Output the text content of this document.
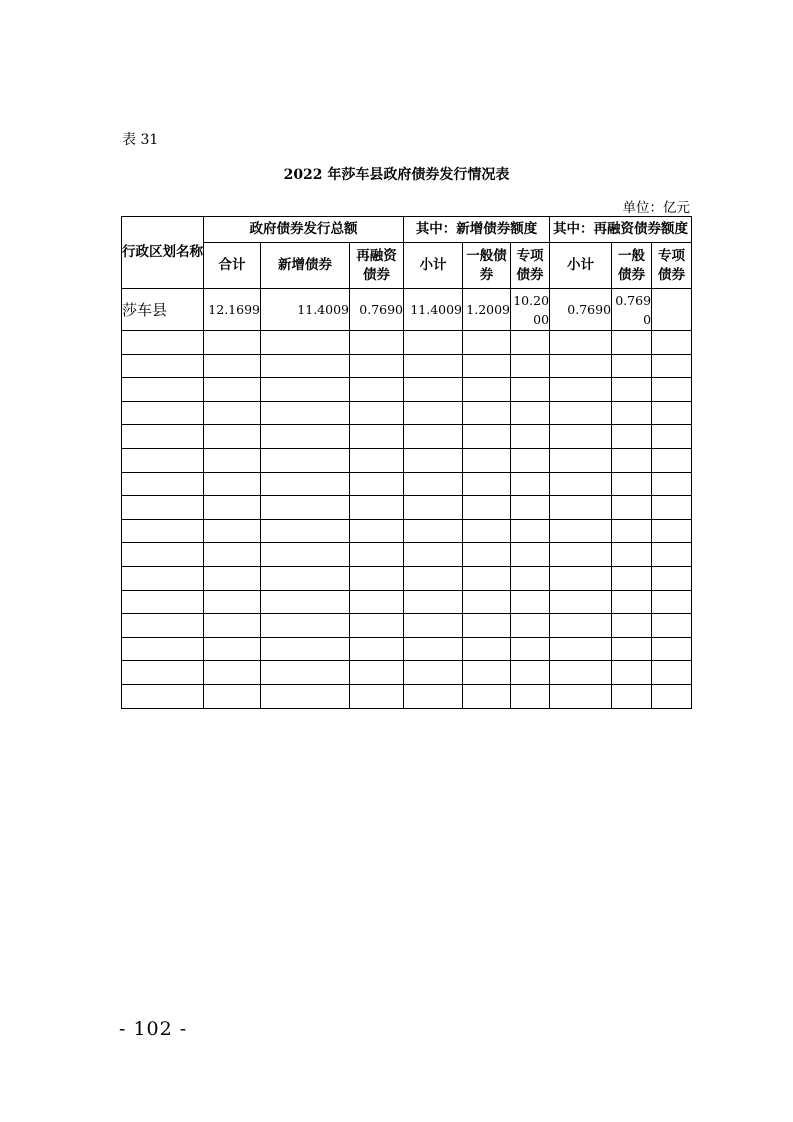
表 31
2022 年莎车县政府债券发行情况表
单位：亿元
行政区划名称	政府债券发行总额			其中：新增债券额度			其中：再融资债券额度		
	合计	新增债券	再融资债券	小计	一般债券	专项债券	小计	一般债券	专项债券
莎车县	12.1699	11.4009	0.7690	11.4009	1.2009	10.2000	0.7690	0.7690	

- 102 -
